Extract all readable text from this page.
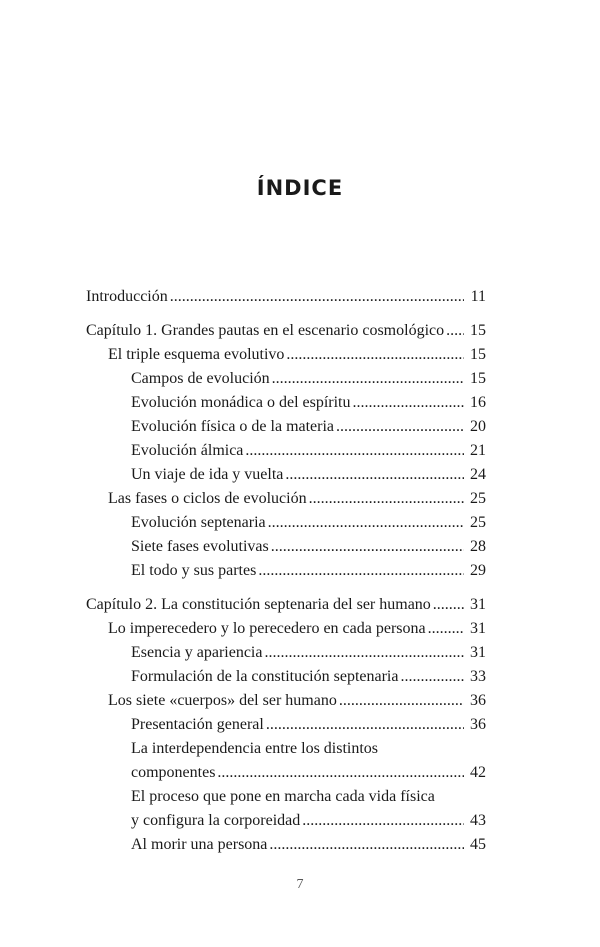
ÍNDICE
Introducción .....	11
Capítulo 1. Grandes pautas en el escenario cosmológico ..... 15
El triple esquema evolutivo .....	15
Campos de evolución .....	15
Evolución monádica o del espíritu .....	16
Evolución física o de la materia .....	20
Evolución álmica .....	21
Un viaje de ida y vuelta .....	24
Las fases o ciclos de evolución .....	25
Evolución septenaria .....	25
Siete fases evolutivas .....	28
El todo y sus partes .....	29
Capítulo 2. La constitución septenaria del ser humano ..... 31
Lo imperecedero y lo perecedero en cada persona .....	31
Esencia y apariencia .....	31
Formulación de la constitución septenaria .....	33
Los siete «cuerpos» del ser humano .....	36
Presentación general .....	36
La interdependencia entre los distintos
componentes .....	42
El proceso que pone en marcha cada vida física
y configura la corporeidad .....	43
Al morir una persona .....	45
7
